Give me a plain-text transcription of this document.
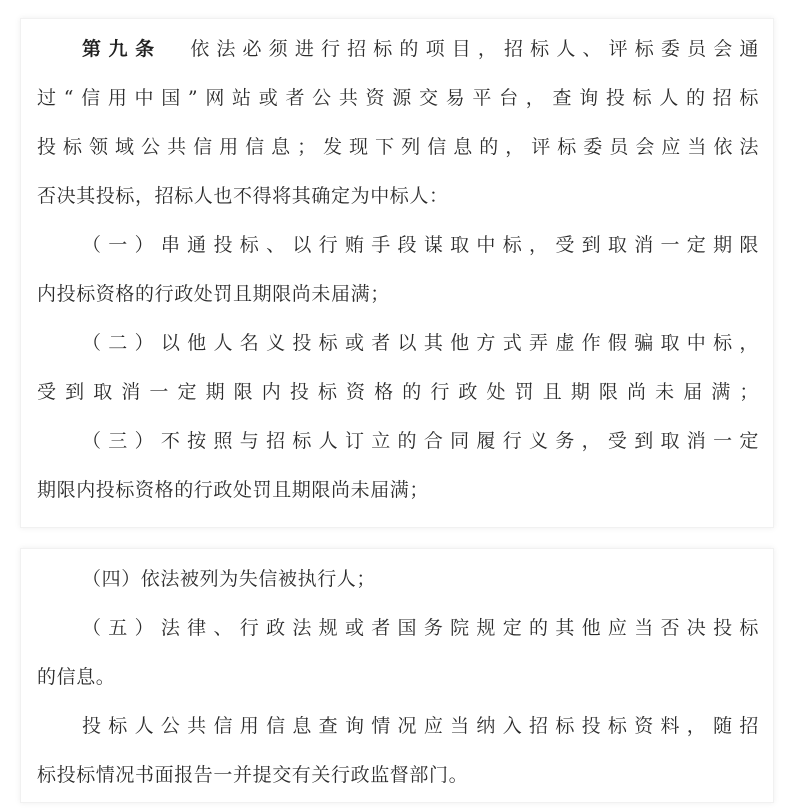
第九条 依法必须进行招标的项目，招标人、评标委员会通
过“信用中国”网站或者公共资源交易平台，查询投标人的招标
投标领域公共信用信息；发现下列信息的，评标委员会应当依法
否决其投标，招标人也不得将其确定为中标人：
（一）串通投标、以行贿手段谋取中标，受到取消一定期限
内投标资格的行政处罚且期限尚未届满；
（二）以他人名义投标或者以其他方式弄虚作假骗取中标，
受到取消一定期限内投标资格的行政处罚且期限尚未届满；
（三）不按照与招标人订立的合同履行义务，受到取消一定
期限内投标资格的行政处罚且期限尚未届满；
（四）依法被列为失信被执行人；
（五）法律、行政法规或者国务院规定的其他应当否决投标
的信息。
投标人公共信用信息查询情况应当纳入招标投标资料，随招
标投标情况书面报告一并提交有关行政监督部门。
